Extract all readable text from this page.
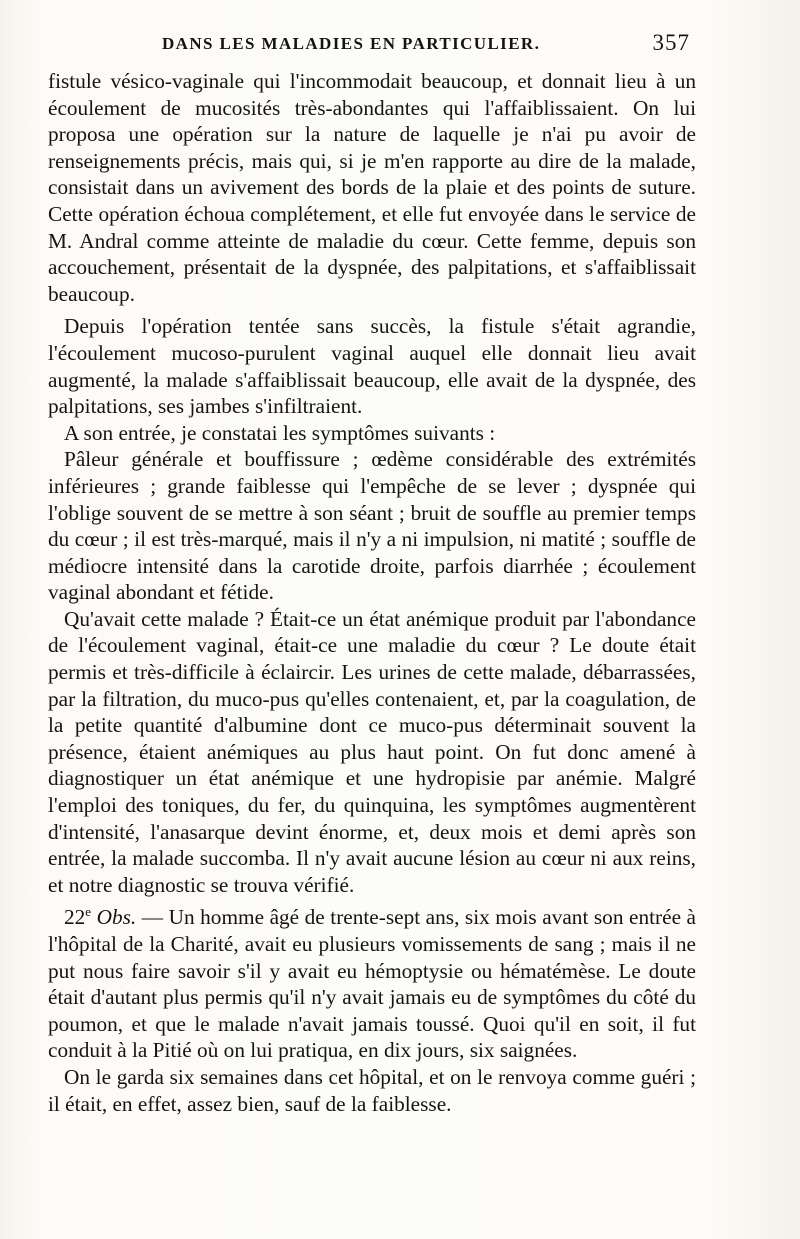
DANS LES MALADIES EN PARTICULIER.	357

fistule vésico-vaginale qui l'incommodait beaucoup, et donnait lieu à un écoulement de mucosités très-abondantes qui l'affaiblissaient. On lui proposa une opération sur la nature de laquelle je n'ai pu avoir de renseignements précis, mais qui, si je m'en rapporte au dire de la malade, consistait dans un avivement des bords de la plaie et des points de suture. Cette opération échoua complétement, et elle fut envoyée dans le service de M. Andral comme atteinte de maladie du cœur. Cette femme, depuis son accouchement, présentait de la dyspnée, des palpitations, et s'affaiblissait beaucoup.

Depuis l'opération tentée sans succès, la fistule s'était agrandie, l'écoulement mucoso-purulent vaginal auquel elle donnait lieu avait augmenté, la malade s'affaiblissait beaucoup, elle avait de la dyspnée, des palpitations, ses jambes s'infiltraient.

A son entrée, je constatai les symptômes suivants :

Pâleur générale et bouffissure ; œdème considérable des extrémités inférieures ; grande faiblesse qui l'empêche de se lever ; dyspnée qui l'oblige souvent de se mettre à son séant ; bruit de souffle au premier temps du cœur ; il est très-marqué, mais il n'y a ni impulsion, ni matité ; souffle de médiocre intensité dans la carotide droite, parfois diarrhée ; écoulement vaginal abondant et fétide.

Qu'avait cette malade ? Était-ce un état anémique produit par l'abondance de l'écoulement vaginal, était-ce une maladie du cœur ? Le doute était permis et très-difficile à éclaircir. Les urines de cette malade, débarrassées, par la filtration, du muco-pus qu'elles contenaient, et, par la coagulation, de la petite quantité d'albumine dont ce muco-pus déterminait souvent la présence, étaient anémiques au plus haut point. On fut donc amené à diagnostiquer un état anémique et une hydropisie par anémie. Malgré l'emploi des toniques, du fer, du quinquina, les symptômes augmentèrent d'intensité, l'anasarque devint énorme, et, deux mois et demi après son entrée, la malade succomba. Il n'y avait aucune lésion au cœur ni aux reins, et notre diagnostic se trouva vérifié.

22e Obs. — Un homme âgé de trente-sept ans, six mois avant son entrée à l'hôpital de la Charité, avait eu plusieurs vomissements de sang ; mais il ne put nous faire savoir s'il y avait eu hémoptysie ou hématémèse. Le doute était d'autant plus permis qu'il n'y avait jamais eu de symptômes du côté du poumon, et que le malade n'avait jamais toussé. Quoi qu'il en soit, il fut conduit à la Pitié où on lui pratiqua, en dix jours, six saignées.

On le garda six semaines dans cet hôpital, et on le renvoya comme guéri ; il était, en effet, assez bien, sauf de la faiblesse.
